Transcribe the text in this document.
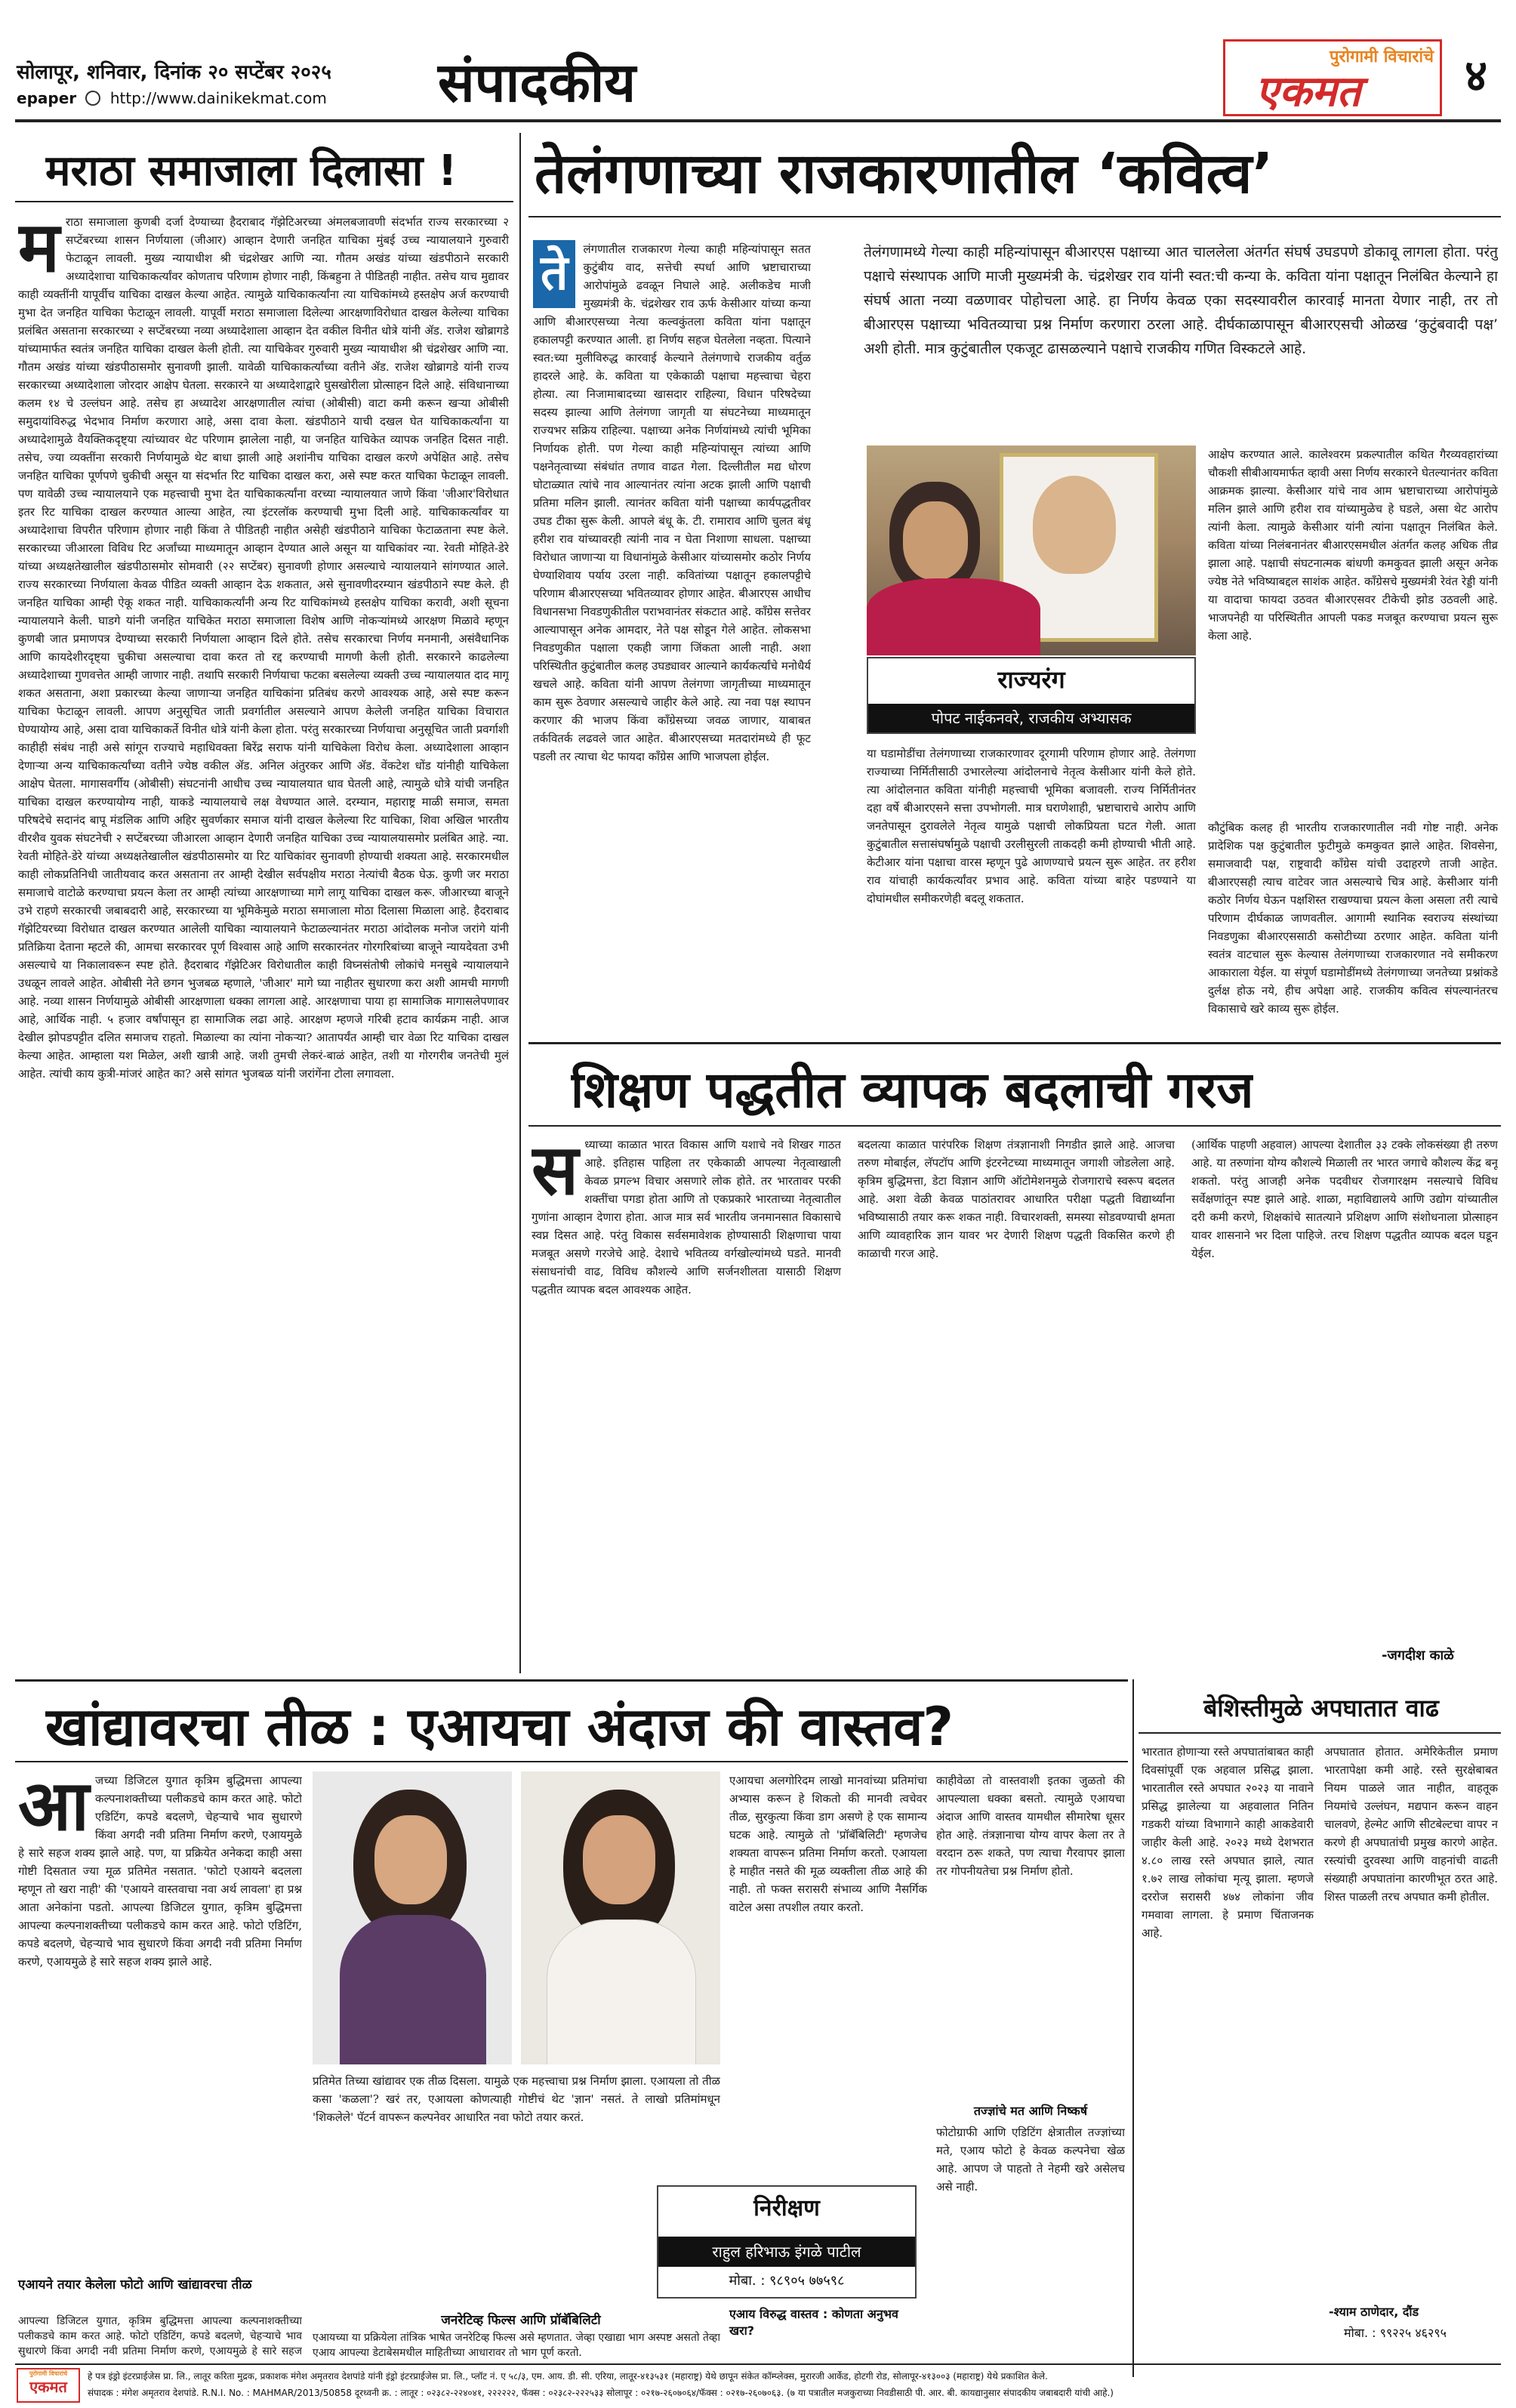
सोलापूर, शनिवार, दिनांक २० सप्टेंबर २०२५
epaper http://www.dainikekmat.com संपादकीय	पुरोगामी विचारांचे
एकमत ४
मराठा समाजाला दिलासा !
म राठा समाजाला कुणबी दर्जा देण्याच्या हैदराबाद गॅझेटिअरच्या अंमलबजावणी संदर्भात राज्य सरकारच्या २ सप्टेंबरच्या शासन निर्णयाला (जीआर) आव्हान देणारी जनहित याचिका मुंबई उच्च न्यायालयाने गुरुवारी फेटाळून लावली. मुख्य न्यायाधीश श्री चंद्रशेखर आणि न्या. गौतम अखंड यांच्या खंडपीठाने सरकारी अध्यादेशाचा याचिकाकर्त्यांवर कोणताच परिणाम होणार नाही, किंबहुना ते पीडितही नाहीत. तसेच याच मुद्यावर काही व्यक्तींनी यापूर्वीच याचिका दाखल केल्या आहेत. त्यामुळे याचिकाकर्त्यांना त्या याचिकांमध्ये हस्तक्षेप अर्ज करण्याची मुभा देत जनहित याचिका फेटाळून लावली. यापूर्वी मराठा समाजाला दिलेल्या आरक्षणाविरोधात दाखल केलेल्या याचिका प्रलंबित असताना सरकारच्या २ सप्टेंबरच्या नव्या अध्यादेशाला आव्हान देत वकील विनीत धोत्रे यांनी ॲड. राजेश खोब्रागडे यांच्यामार्फत स्वतंत्र जनहित याचिका दाखल केली होती. त्या याचिकेवर गुरुवारी मुख्य न्यायाधीश श्री चंद्रशेखर आणि न्या. गौतम अखंड यांच्या खंडपीठासमोर सुनावणी झाली. यावेळी याचिकाकर्त्यांच्या वतीने ॲड. राजेश खोब्रागडे यांनी राज्य सरकारच्या अध्यादेशाला जोरदार आक्षेप घेतला. सरकारने या अध्यादेशाद्वारे घुसखोरीला प्रोत्साहन दिले आहे. संविधानाच्या कलम १४ चे उल्लंघन आहे. तसेच हा अध्यादेश आरक्षणातील त्यांचा (ओबीसी) वाटा कमी करून खऱ्या ओबीसी समुदायांविरुद्ध भेदभाव निर्माण करणारा आहे, असा दावा केला. खंडपीठाने याची दखल घेत याचिकाकर्त्यांना या अध्यादेशामुळे वैयक्तिकदृष्ट्या त्यांच्यावर थेट परिणाम झालेला नाही, या जनहित याचिकेत व्यापक जनहित दिसत नाही. तसेच, ज्या व्यक्तींना सरकारी निर्णयामुळे थेट बाधा झाली आहे अशांनीच याचिका दाखल करणे अपेक्षित आहे. तसेच जनहित याचिका पूर्णपणे चुकीची असून या संदर्भात रिट याचिका दाखल करा, असे स्पष्ट करत याचिका फेटाळून लावली. पण यावेळी उच्च न्यायालयाने एक महत्त्वाची मुभा देत याचिकाकर्त्यांना वरच्या न्यायालयात जाणे किंवा 'जीआर'विरोधात इतर रिट याचिका दाखल करण्यात आल्या आहेत, त्या इंटरलॉक करण्याची मुभा दिली आहे. याचिकाकर्त्यांवर या अध्यादेशाचा विपरीत परिणाम होणार नाही किंवा ते पीडितही नाहीत असेही खंडपीठाने याचिका फेटाळताना स्पष्ट केले. सरकारच्या जीआरला विविध रिट अर्जांच्या माध्यमातून आव्हान देण्यात आले असून या याचिकांवर न्या. रेवती मोहिते-डेरे यांच्या अध्यक्षतेखालील खंडपीठासमोर सोमवारी (२२ सप्टेंबर) सुनावणी होणार असल्याचे न्यायालयाने सांगण्यात आले. राज्य सरकारच्या निर्णयाला केवळ पीडित व्यक्ती आव्हान देऊ शकतात, असे सुनावणीदरम्यान खंडपीठाने स्पष्ट केले. ही जनहित याचिका आम्ही ऐकू शकत नाही. याचिकाकर्त्यांनी अन्य रिट याचिकांमध्ये हस्तक्षेप याचिका करावी, अशी सूचना न्यायालयाने केली. घाडगे यांनी जनहित याचिकेत मराठा समाजाला विशेष आणि नोकऱ्यांमध्ये आरक्षण मिळावे म्हणून कुणबी जात प्रमाणपत्र देण्याच्या सरकारी निर्णयाला आव्हान दिले होते. तसेच सरकारचा निर्णय मनमानी, असंवैधानिक आणि कायदेशीरदृष्ट्या चुकीचा असल्याचा दावा करत तो रद्द करण्याची मागणी केली होती. सरकारने काढलेल्या अध्यादेशाच्या गुणवत्तेत आम्ही जाणार नाही. तथापि सरकारी निर्णयाचा फटका बसलेल्या व्यक्ती उच्च न्यायालयात दाद मागू शकत असताना, अशा प्रकारच्या केल्या जाणाऱ्या जनहित याचिकांना प्रतिबंध करणे आवश्यक आहे, असे स्पष्ट करून याचिका फेटाळून लावली. आपण अनुसूचित जाती प्रवर्गातील असल्याने आपण केलेली जनहित याचिका विचारात घेण्यायोग्य आहे, असा दावा याचिकाकर्ते विनीत धोत्रे यांनी केला होता. परंतु सरकारच्या निर्णयाचा अनुसूचित जाती प्रवर्गाशी काहीही संबंध नाही असे सांगून राज्याचे महाधिवक्ता बिरेंद्र सराफ यांनी याचिकेला विरोध केला. अध्यादेशाला आव्हान देणाऱ्या अन्य याचिकाकर्त्यांच्या वतीने ज्येष्ठ वकील ॲड. अनिल अंतुरकर आणि ॲड. वेंकटेश धोंड यांनीही याचिकेला आक्षेप घेतला. मागासवर्गीय (ओबीसी) संघटनांनी आधीच उच्च न्यायालयात धाव घेतली आहे, त्यामुळे धोत्रे यांची जनहित याचिका दाखल करण्यायोग्य नाही, याकडे न्यायालयाचे लक्ष वेधण्यात आले. दरम्यान, महाराष्ट्र माळी समाज, समता परिषदेचे सदानंद बापू मंडलिक आणि अहिर सुवर्णकार समाज यांनी दाखल केलेल्या रिट याचिका, शिवा अखिल भारतीय वीरशैव युवक संघटनेची २ सप्टेंबरच्या जीआरला आव्हान देणारी जनहित याचिका उच्च न्यायालयासमोर प्रलंबित आहे. न्या. रेवती मोहिते-डेरे यांच्या अध्यक्षतेखालील खंडपीठासमोर या रिट याचिकांवर सुनावणी होण्याची शक्यता आहे. सरकारमधील काही लोकप्रतिनिधी जातीयवाद करत असताना तर आम्ही देखील सर्वपक्षीय मराठा नेत्यांची बैठक घेऊ. कुणी जर मराठा समाजाचे वाटोळे करण्याचा प्रयत्न केला तर आम्ही त्यांच्या आरक्षणाच्या मागे लागू याचिका दाखल करू. जीआरच्या बाजूने उभे राहणे सरकारची जबाबदारी आहे, सरकारच्या या भूमिकेमुळे मराठा समाजाला मोठा दिलासा मिळाला आहे. हैदराबाद गॅझेटियरच्या विरोधात दाखल करण्यात आलेली याचिका न्यायालयाने फेटाळल्यानंतर मराठा आंदोलक मनोज जरांगे यांनी प्रतिक्रिया देताना म्हटले की, आमचा सरकारवर पूर्ण विश्वास आहे आणि सरकारनंतर गोरगरिबांच्या बाजूने न्यायदेवता उभी असल्याचे या निकालावरून स्पष्ट होते. हैदराबाद गॅझेटिअर विरोधातील काही विघ्नसंतोषी लोकांचे मनसुबे न्यायालयाने उधळून लावले आहेत. ओबीसी नेते छगन भुजबळ म्हणाले, 'जीआर' मागे घ्या नाहीतर सुधारणा करा अशी आमची मागणी आहे. नव्या शासन निर्णयामुळे ओबीसी आरक्षणाला धक्का लागला आहे. आरक्षणाचा पाया हा सामाजिक मागासलेपणावर आहे, आर्थिक नाही. ५ हजार वर्षांपासून हा सामाजिक लढा आहे. आरक्षण म्हणजे गरिबी हटाव कार्यक्रम नाही. आज देखील झोपडपट्टीत दलित समाजच राहतो. मिळाल्या का त्यांना नोकऱ्या? आतापर्यंत आम्ही चार वेळा रिट याचिका दाखल केल्या आहेत. आम्हाला यश मिळेल, अशी खात्री आहे. जशी तुमची लेकरं-बाळं आहेत, तशी या गोरगरीब जनतेची मुलं आहेत. त्यांची काय कुत्री-मांजरं आहेत का? असे सांगत भुजबळ यांनी जरांगेंना टोला लगावला.
तेलंगणाच्या राजकारणातील ‘कवित्व’
ते	लंगणातील राजकारण गेल्या काही महिन्यांपासून सतत कुटुंबीय वाद, सत्तेची स्पर्धा आणि भ्रष्टाचाराच्या आरोपांमुळे ढवळून निघाले आहे. अलीकडेच माजी मुख्यमंत्री के. चंद्रशेखर राव ऊर्फ केसीआर यांच्या कन्या आणि बीआरएसच्या नेत्या कल्वकुंतला कविता यांना पक्षातून हकालपट्टी करण्यात आली. हा निर्णय सहज घेतलेला नव्हता. पित्याने स्वत:च्या मुलीविरुद्ध कारवाई केल्याने तेलंगणाचे राजकीय वर्तुळ हादरले आहे. के. कविता या एकेकाळी पक्षाचा महत्त्वाचा चेहरा होत्या. त्या निजामाबादच्या खासदार राहिल्या, विधान परिषदेच्या सदस्य झाल्या आणि तेलंगणा जागृती या संघटनेच्या माध्यमातून राज्यभर सक्रिय राहिल्या. पक्षाच्या अनेक निर्णयांमध्ये त्यांची भूमिका निर्णायक होती. पण गेल्या काही महिन्यांपासून त्यांच्या आणि पक्षनेतृत्वाच्या संबंधांत तणाव वाढत गेला. दिल्लीतील मद्य धोरण घोटाळ्यात त्यांचे नाव आल्यानंतर त्यांना अटक झाली आणि पक्षाची प्रतिमा मलिन झाली. त्यानंतर कविता यांनी पक्षाच्या कार्यपद्धतीवर उघड टीका सुरू केली. आपले बंधू के. टी. रामाराव आणि चुलत बंधू हरीश राव यांच्यावरही त्यांनी नाव न घेता निशाणा साधला. पक्षाच्या विरोधात जाणाऱ्या या विधानांमुळे केसीआर यांच्यासमोर कठोर निर्णय घेण्याशिवाय पर्याय उरला नाही. कवितांच्या पक्षातून हकालपट्टीचे परिणाम बीआरएसच्या भवितव्यावर होणार आहेत. बीआरएस आधीच विधानसभा निवडणुकीतील पराभवानंतर संकटात आहे. काँग्रेस सत्तेवर आल्यापासून अनेक आमदार, नेते पक्ष सोडून गेले आहेत. लोकसभा निवडणुकीत पक्षाला एकही जागा जिंकता आली नाही. अशा परिस्थितीत कुटुंबातील कलह उघड्यावर आल्याने कार्यकर्त्यांचे मनोधैर्य खचले आहे. कविता यांनी आपण तेलंगणा जागृतीच्या माध्यमातून काम सुरू ठेवणार असल्याचे जाहीर केले आहे. त्या नवा पक्ष स्थापन करणार की भाजप किंवा काँग्रेसच्या जवळ जाणार, याबाबत तर्कवितर्क लढवले जात आहेत. बीआरएसच्या मतदारांमध्ये ही फूट पडली तर त्याचा थेट फायदा काँग्रेस आणि भाजपला होईल.
तेलंगणामध्ये गेल्या काही महिन्यांपासून बीआरएस पक्षाच्या आत चाललेला अंतर्गत संघर्ष उघडपणे डोकावू लागला होता. परंतु पक्षाचे संस्थापक आणि माजी मुख्यमंत्री के. चंद्रशेखर राव यांनी स्वत:ची कन्या के. कविता यांना पक्षातून निलंबित केल्याने हा संघर्ष आता नव्या वळणावर पोहोचला आहे. हा निर्णय केवळ एका सदस्यावरील कारवाई मानता येणार नाही, तर तो बीआरएस पक्षाच्या भवितव्याचा प्रश्न निर्माण करणारा ठरला आहे. दीर्घकाळापासून बीआरएसची ओळख ‘कुटुंबवादी पक्ष’ अशी होती. मात्र कुटुंबातील एकजूट ढासळल्याने पक्षाचे राजकीय गणित विस्कटले आहे.
राज्यरंग
पोपट नाईकनवरे, राजकीय अभ्यासक
या घडामोडींचा तेलंगणाच्या राजकारणावर दूरगामी परिणाम होणार आहे. तेलंगणा राज्याच्या निर्मितीसाठी उभारलेल्या आंदोलनाचे नेतृत्व केसीआर यांनी केले होते. त्या आंदोलनात कविता यांनीही महत्त्वाची भूमिका बजावली. राज्य निर्मितीनंतर दहा वर्षे बीआरएसने सत्ता उपभोगली. मात्र घराणेशाही, भ्रष्टाचाराचे आरोप आणि जनतेपासून दुरावलेले नेतृत्व यामुळे पक्षाची लोकप्रियता घटत गेली. आता कुटुंबातील सत्तासंघर्षामुळे पक्षाची उरलीसुरली ताकदही कमी होण्याची भीती आहे. केटीआर यांना पक्षाचा वारस म्हणून पुढे आणण्याचे प्रयत्न सुरू आहेत. तर हरीश राव यांचाही कार्यकर्त्यांवर प्रभाव आहे. कविता यांच्या बाहेर पडण्याने या दोघांमधील समीकरणेही बदलू शकतात.
आक्षेप करण्यात आले. कालेश्वरम प्रकल्पातील कथित गैरव्यवहारांच्या चौकशी सीबीआयमार्फत व्हावी असा निर्णय सरकारने घेतल्यानंतर कविता आक्रमक झाल्या. केसीआर यांचे नाव आम भ्रष्टाचाराच्या आरोपांमुळे मलिन झाले आणि हरीश राव यांच्यामुळेच हे घडले, असा थेट आरोप त्यांनी केला. त्यामुळे केसीआर यांनी त्यांना पक्षातून निलंबित केले. कविता यांच्या निलंबनानंतर बीआरएसमधील अंतर्गत कलह अधिक तीव्र झाला आहे. पक्षाची संघटनात्मक बांधणी कमकुवत झाली असून अनेक ज्येष्ठ नेते भविष्याबद्दल साशंक आहेत. काँग्रेसचे मुख्यमंत्री रेवंत रेड्डी यांनी या वादाचा फायदा उठवत बीआरएसवर टीकेची झोड उठवली आहे. भाजपनेही या परिस्थितीत आपली पकड मजबूत करण्याचा प्रयत्न सुरू केला आहे.
कौटुंबिक कलह ही भारतीय राजकारणातील नवी गोष्ट नाही. अनेक प्रादेशिक पक्ष कुटुंबातील फुटीमुळे कमकुवत झाले आहेत. शिवसेना, समाजवादी पक्ष, राष्ट्रवादी काँग्रेस यांची उदाहरणे ताजी आहेत. बीआरएसही त्याच वाटेवर जात असल्याचे चित्र आहे. केसीआर यांनी कठोर निर्णय घेऊन पक्षशिस्त राखण्याचा प्रयत्न केला असला तरी त्याचे परिणाम दीर्घकाळ जाणवतील. आगामी स्थानिक स्वराज्य संस्थांच्या निवडणुका बीआरएससाठी कसोटीच्या ठरणार आहेत. कविता यांनी स्वतंत्र वाटचाल सुरू केल्यास तेलंगणाच्या राजकारणात नवे समीकरण आकाराला येईल. या संपूर्ण घडामोडींमध्ये तेलंगणाच्या जनतेच्या प्रश्नांकडे दुर्लक्ष होऊ नये, हीच अपेक्षा आहे. राजकीय कवित्व संपल्यानंतरच विकासाचे खरे काव्य सुरू होईल.
शिक्षण पद्धतीत व्यापक बदलाची गरज
स ध्याच्या काळात भारत विकास आणि यशाचे नवे शिखर गाठत आहे. इतिहास पाहिला तर एकेकाळी आपल्या नेतृत्वाखाली केवळ प्रगल्भ विचार असणारे लोक होते. तर भारतावर परकी शक्तींचा पगडा होता आणि तो एकप्रकारे भारताच्या नेतृत्वातील गुणांना आव्हान देणारा होता. आज मात्र सर्व भारतीय जनमानसात विकासाचे स्वप्न दिसत आहे. परंतु विकास सर्वसमावेशक होण्यासाठी शिक्षणाचा पाया मजबूत असणे गरजेचे आहे. देशाचे भवितव्य वर्गखोल्यांमध्ये घडते. मानवी संसाधनांची वाढ, विविध कौशल्ये आणि सर्जनशीलता यासाठी शिक्षण पद्धतीत व्यापक बदल आवश्यक आहेत.
बदलत्या काळात पारंपरिक शिक्षण तंत्रज्ञानाशी निगडीत झाले आहे. आजचा तरुण मोबाईल, लॅपटॉप आणि इंटरनेटच्या माध्यमातून जगाशी जोडलेला आहे. कृत्रिम बुद्धिमत्ता, डेटा विज्ञान आणि ऑटोमेशनमुळे रोजगाराचे स्वरूप बदलत आहे. अशा वेळी केवळ पाठांतरावर आधारित परीक्षा पद्धती विद्यार्थ्यांना भविष्यासाठी तयार करू शकत नाही. विचारशक्ती, समस्या सोडवण्याची क्षमता आणि व्यावहारिक ज्ञान यावर भर देणारी शिक्षण पद्धती विकसित करणे ही काळाची गरज आहे.
(आर्थिक पाहणी अहवाल) आपल्या देशातील ३३ टक्के लोकसंख्या ही तरुण आहे. या तरुणांना योग्य कौशल्ये मिळाली तर भारत जगाचे कौशल्य केंद्र बनू शकतो. परंतु आजही अनेक पदवीधर रोजगारक्षम नसल्याचे विविध सर्वेक्षणांतून स्पष्ट झाले आहे. शाळा, महाविद्यालये आणि उद्योग यांच्यातील दरी कमी करणे, शिक्षकांचे सातत्याने प्रशिक्षण आणि संशोधनाला प्रोत्साहन यावर शासनाने भर दिला पाहिजे. तरच शिक्षण पद्धतीत व्यापक बदल घडून येईल.
-जगदीश काळे
खांद्यावरचा तीळ : एआयचा अंदाज की वास्तव?
आ जच्या डिजिटल युगात कृत्रिम बुद्धिमत्ता आपल्या कल्पनाशक्तीच्या पलीकडचे काम करत आहे. फोटो एडिटिंग, कपडे बदलणे, चेहऱ्याचे भाव सुधारणे किंवा अगदी नवी प्रतिमा निर्माण करणे, एआयमुळे हे सारे सहज शक्य झाले आहे. पण, या प्रक्रियेत अनेकदा काही असा गोष्टी दिसतात ज्या मूळ प्रतिमेत नसतात. 'फोटो एआयने बदलला म्हणून तो खरा नाही' की 'एआयने वास्तवाचा नवा अर्थ लावला' हा प्रश्न आता अनेकांना पडतो. आपल्या डिजिटल युगात, कृत्रिम बुद्धिमत्ता आपल्या कल्पनाशक्तीच्या पलीकडचे काम करत आहे. फोटो एडिटिंग, कपडे बदलणे, चेहऱ्याचे भाव सुधारणे किंवा अगदी नवी प्रतिमा निर्माण करणे, एआयमुळे हे सारे सहज शक्य झाले आहे.
एआयने तयार केलेला फोटो आणि खांद्यावरचा तीळ
आपल्या डिजिटल युगात, कृत्रिम बुद्धिमत्ता आपल्या कल्पनाशक्तीच्या पलीकडचे काम करत आहे. फोटो एडिटिंग, कपडे बदलणे, चेहऱ्याचे भाव सुधारणे किंवा अगदी नवी प्रतिमा निर्माण करणे, एआयमुळे हे सारे सहज
प्रतिमेत तिच्या खांद्यावर एक तीळ दिसला. यामुळे एक महत्त्वाचा प्रश्न निर्माण झाला. एआयला तो तीळ कसा 'कळला'? खरं तर, एआयला कोणत्याही गोष्टीचं थेट 'ज्ञान' नसतं. ते लाखो प्रतिमांमधून 'शिकलेले' पॅटर्न वापरून कल्पनेवर आधारित नवा फोटो तयार करतं.
जनरेटिव्ह फिल्स आणि प्रॉबॅबिलिटी
एआयच्या या प्रक्रियेला तांत्रिक भाषेत जनरेटिव्ह फिल्स असे म्हणतात. जेव्हा एखाद्या भाग अस्पष्ट असतो तेव्हा एआय आपल्या डेटाबेसमधील माहितीच्या आधारावर तो भाग पूर्ण करतो.
एआयचा अलगोरिदम लाखो मानवांच्या प्रतिमांचा अभ्यास करून हे शिकतो की मानवी त्वचेवर तीळ, सुरकुत्या किंवा डाग असणे हे एक सामान्य घटक आहे. त्यामुळे तो 'प्रॉबॅबिलिटी' म्हणजेच शक्यता वापरून प्रतिमा निर्माण करतो. एआयला हे माहीत नसते की मूळ व्यक्तीला तीळ आहे की नाही. तो फक्त सरासरी संभाव्य आणि नैसर्गिक वाटेल असा तपशील तयार करतो.
निरीक्षण
राहुल हरिभाऊ इंगळे पाटील
मोबा. : ९८९०५ ७७५९८
एआय विरुद्ध वास्तव : कोणता अनुभव खरा?
काहीवेळा तो वास्तवाशी इतका जुळतो की आपल्याला धक्का बसतो. त्यामुळे एआयचा अंदाज आणि वास्तव यामधील सीमारेषा धूसर होत आहे. तंत्रज्ञानाचा योग्य वापर केला तर ते वरदान ठरू शकते, पण त्याचा गैरवापर झाला तर गोपनीयतेचा प्रश्न निर्माण होतो.
तज्ज्ञांचे मत आणि निष्कर्ष
फोटोग्राफी आणि एडिटिंग क्षेत्रातील तज्ज्ञांच्या मते, एआय फोटो हे केवळ कल्पनेचा खेळ आहे. आपण जे पाहतो ते नेहमी खरे असेलच असे नाही.
बेशिस्तीमुळे अपघातात वाढ
भारतात होणाऱ्या रस्ते अपघातांबाबत काही दिवसांपूर्वी एक अहवाल प्रसिद्ध झाला. भारतातील रस्ते अपघात २०२३ या नावाने प्रसिद्ध झालेल्या या अहवालात नितिन गडकरी यांच्या विभागाने काही आकडेवारी जाहीर केली आहे. २०२३ मध्ये देशभरात ४.८० लाख रस्ते अपघात झाले, त्यात १.७२ लाख लोकांचा मृत्यू झाला. म्हणजे दररोज सरासरी ४७४ लोकांना जीव गमवावा लागला. हे प्रमाण चिंताजनक आहे.
अपघातात होतात. अमेरिकेतील प्रमाण भारतापेक्षा कमी आहे. रस्ते सुरक्षेबाबत नियम पाळले जात नाहीत, वाहतूक नियमांचे उल्लंघन, मद्यपान करून वाहन चालवणे, हेल्मेट आणि सीटबेल्टचा वापर न करणे ही अपघातांची प्रमुख कारणे आहेत. रस्त्यांची दुरवस्था आणि वाहनांची वाढती संख्याही अपघातांना कारणीभूत ठरत आहे. शिस्त पाळली तरच अपघात कमी होतील.
-श्याम ठाणेदार, दौंड
मोबा. : ९९२२५ ४६२९५
पुरोगामी विचारांचे
एकमत
हे पत्र इंड्रो इंटरप्राईजेस प्रा. लि., लातूर करिता मुद्रक, प्रकाशक मंगेश अमृतराव देशपांडे यांनी इंड्रो इंटरप्राईजेस प्रा. लि., प्लॉट नं. ए ५८/३, एम. आय. डी. सी. एरिया, लातूर-४१३५३१ (महाराष्ट्र) येथे छापून संकेत कॉम्प्लेक्स, मुरारजी आर्केड, होटगी रोड, सोलापूर-४१३००३ (महाराष्ट्र) येथे प्रकाशित केले.
संपादक : मंगेश अमृतराव देशपांडे. R.N.I. No. : MAHMAR/2013/50858 दूरध्वनी क्र. : लातूर : ०२३८२-२२४०४१, २२२२२२, फॅक्स : ०२३८२-२२२५३३ सोलापूर : ०२१७-२६०७०६४/फॅक्स : ०२१७-२६०७०६३. (७ या पत्रातील मजकुराच्या निवडीसाठी पी. आर. बी. कायद्यानुसार संपादकीय जबाबदारी यांची आहे.)
